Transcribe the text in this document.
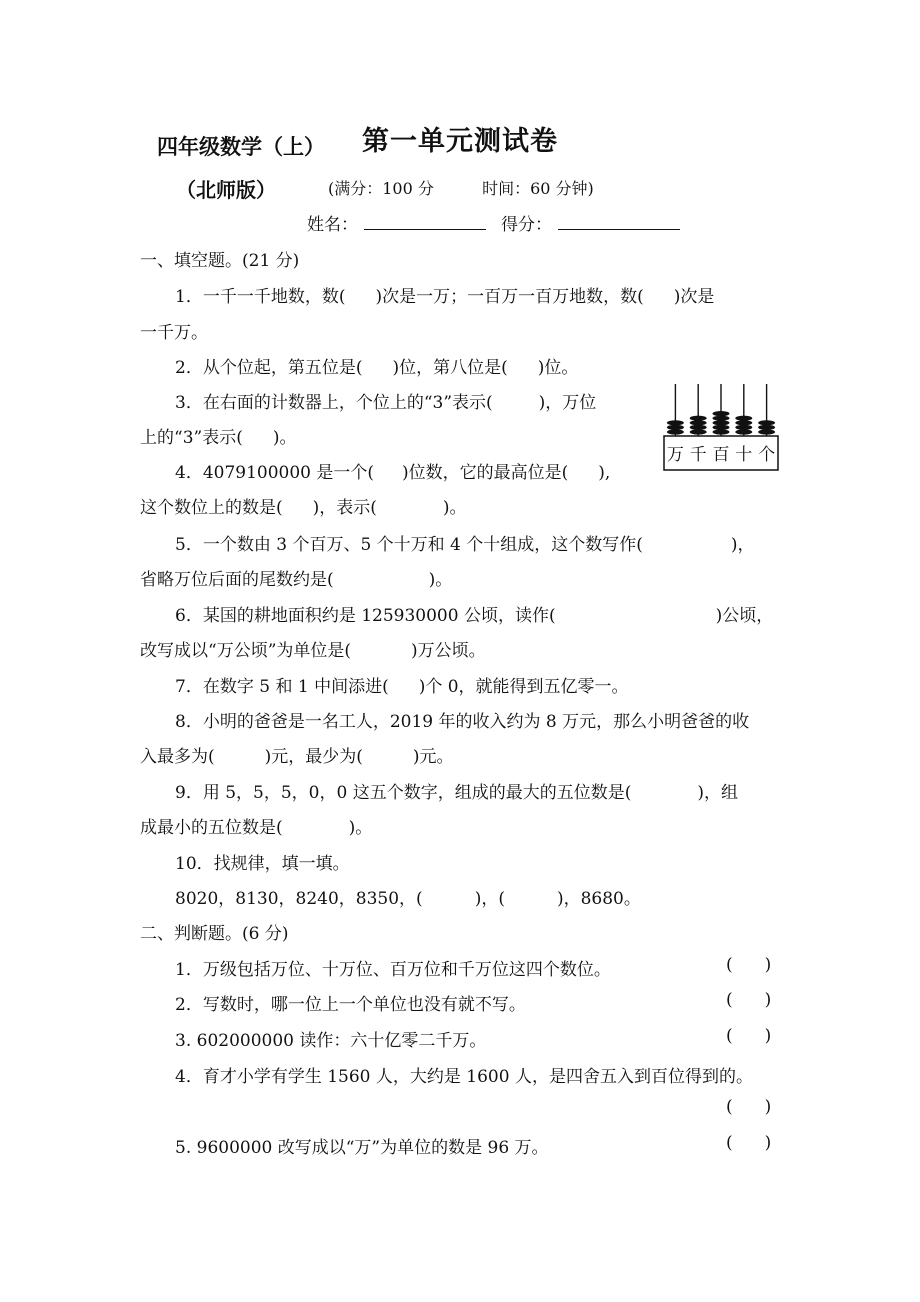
四年级数学（上） 第一单元测试卷
（北师版）	(满分：100 分	时间：60 分钟)
姓名：	得分：
一、填空题。(21 分)
1．一千一千地数，数( )次是一万；一百万一百万地数，数( )次是
一千万。
2．从个位起，第五位是( )位，第八位是( )位。
3．在右面的计数器上，个位上的“3”表示(	)，万位
上的“3”表示( )。
万 千 百 十 个
4．4079100000 是一个( )位数，它的最高位是( ),
这个数位上的数是( )，表示(	)。
5．一个数由 3 个百万、5 个十万和 4 个十组成，这个数写作(	)，
省略万位后面的尾数约是(	)。
6．某国的耕地面积约是 125930000 公顷，读作(	)公顷，
改写成以“万公顷”为单位是(	)万公顷。
7．在数字 5 和 1 中间添进( )个 0，就能得到五亿零一。
8．小明的爸爸是一名工人，2019 年的收入约为 8 万元，那么小明爸爸的收
入最多为(	)元，最少为(	)元。
9．用 5，5，5，0，0 这五个数字，组成的最大的五位数是(	)，组
成最小的五位数是(	)。
10．找规律，填一填。
8020，8130，8240，8350，(	)，(	)，8680。
二、判断题。(6 分)
1．万级包括万位、十万位、百万位和千万位这四个数位。	( )
2．写数时，哪一位上一个单位也没有就不写。	( )
3. 602000000 读作：六十亿零二千万。	( )
4．育才小学有学生 1560 人，大约是 1600 人，是四舍五入到百位得到的。
( )
5. 9600000 改写成以“万”为单位的数是 96 万。	( )
